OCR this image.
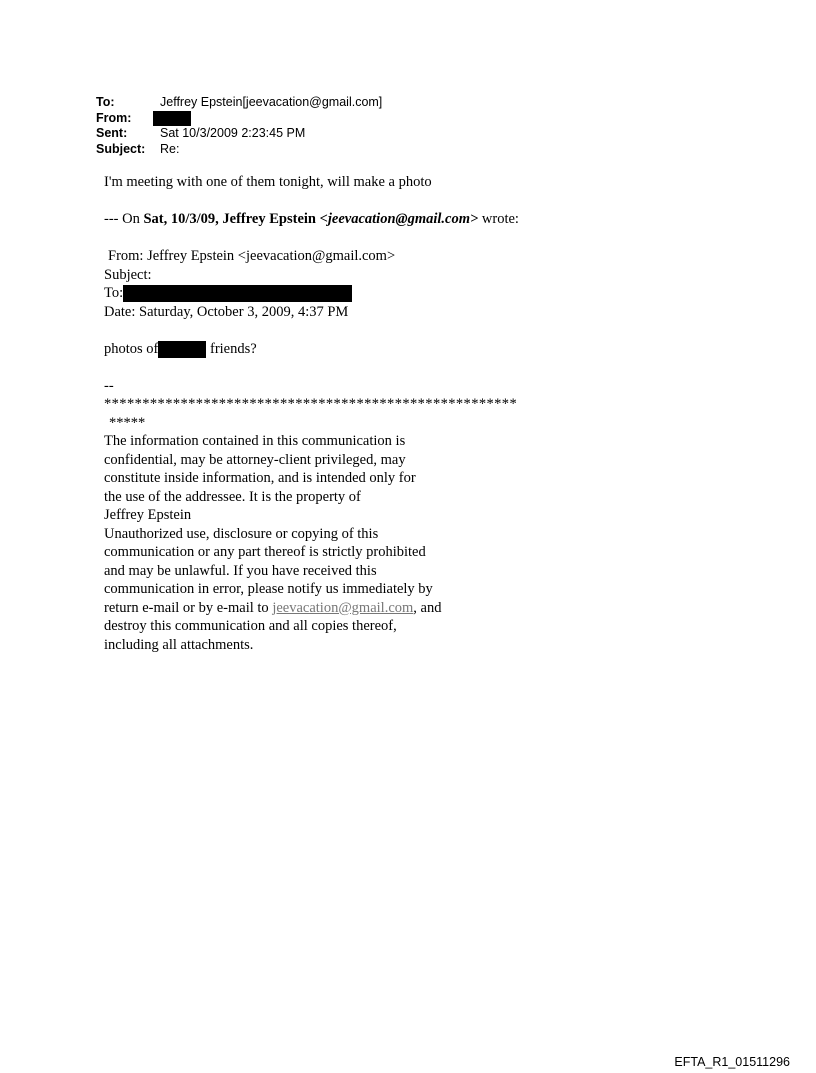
To:	Jeffrey Epstein[jeevacation@gmail.com]
From:
Sent:	Sat 10/3/2009 2:23:45 PM
Subject: Re:
I'm meeting with one of them tonight, will make a photo
--- On Sat, 10/3/09, Jeffrey Epstein <jeevacation@gmail.com> wrote:
From: Jeffrey Epstein <jeevacation@gmail.com>
Subject:
To:
Date: Saturday, October 3, 2009, 4:37 PM
photos of	friends?
--
******************************************************
*****
The information contained in this communication is
confidential, may be attorney-client privileged, may
constitute inside information, and is intended only for
the use of the addressee. It is the property of
Jeffrey Epstein
Unauthorized use, disclosure or copying of this
communication or any part thereof is strictly prohibited
and may be unlawful. If you have received this
communication in error, please notify us immediately by
return e-mail or by e-mail to jeevacation@gmail.com, and
destroy this communication and all copies thereof,
including all attachments.
EFTA_R1_01511296
